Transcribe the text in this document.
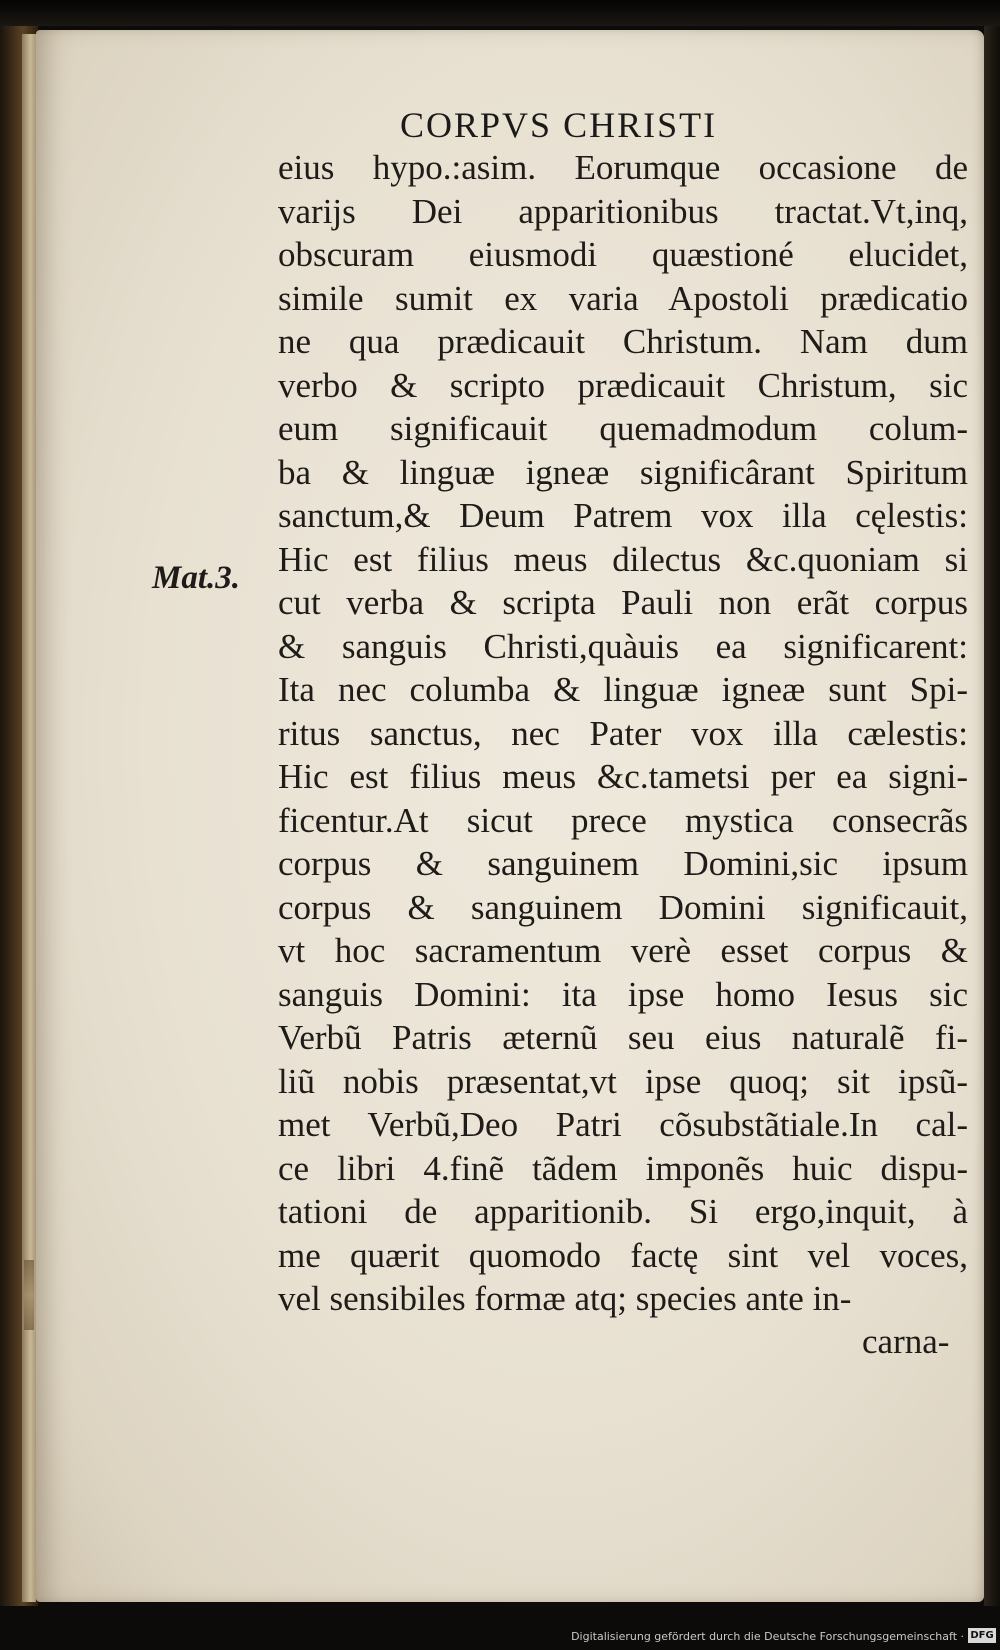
CORPVS CHRISTI
Mat.3.
eius hypo.:asim. Eorumque occasione de
varijs Dei apparitionibus tractat.Vt,inq,
obscuram eiusmodi quæstioné elucidet,
simile sumit ex varia Apostoli prædicatio
ne qua prædicauit Christum. Nam dum
verbo & scripto prædicauit Christum, sic
eum significauit quemadmodum colum-
ba & linguæ igneæ significârant Spiritum
sanctum,& Deum Patrem vox illa cęlestis:
Hic est filius meus dilectus &c.quoniam si
cut verba & scripta Pauli non erãt corpus
& sanguis Christi,quàuis ea significarent:
Ita nec columba & linguæ igneæ sunt Spi-
ritus sanctus, nec Pater vox illa cælestis:
Hic est filius meus &c.tametsi per ea signi-
ficentur.At sicut prece mystica consecrãs
corpus & sanguinem Domini,sic ipsum
corpus & sanguinem Domini significauit,
vt hoc sacramentum verè esset corpus &
sanguis Domini: ita ipse homo Iesus sic
Verbũ Patris æternũ seu eius naturalẽ fi-
liũ nobis præsentat,vt ipse quoq; sit ipsũ-
met Verbũ,Deo Patri cõsubstãtiale.In cal-
ce libri 4.finẽ tãdem imponẽs huic dispu-
tationi de apparitionib. Si ergo,inquit, à
me quærit quomodo factę sint vel voces,
vel sensibiles formæ atq; species ante in-
carna-
Digitalisierung gefördert durch die Deutsche Forschungsgemeinschaft · DFG
